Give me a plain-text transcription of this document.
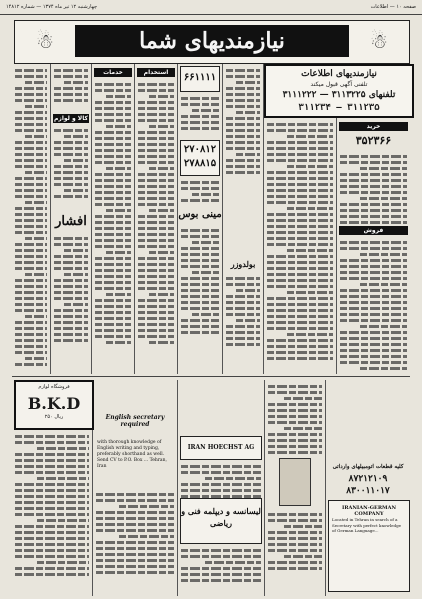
چهارشنبه ۱۲ تیر ماه ۱۳۷۴ — شماره ۱۴۸۱۲	صفحه ۱۰ — اطلاعات
☃	نیازمندیهای شما	☃
کالا و لوازم
افشار
خدمات	استخدام	۶۶۱۱۱۱
۲۷۰۸۱۲
۲۷۸۸۱۵
مینی بوس
بولدوزر
نیازمندیهای اطلاعات
تلفنی آگهی قبول میکند
تلفنهای ۳۱۱۳۲۲۵ — ۳۱۱۱۲۲۲
۳۱۱۲۳۴ — ۳۱۱۲۳۵
خرید
۳۵۲۳۶۶
فروش
فروشگاه لوازم
B.K.D
۲۵۰ ریال	English secretary required
with thorough knowledge of English writing and typing, preferably shorthand as well. Send CV to P.O. Box ... Tehran, Iran
IRAN HOECHST AG
لیسانسه و دیپلمه فنی و ریاضی
کلیه قطعات اتومبیلهای وارداتی
۸۷۲۱۲۱۰۹
۸۳۰۰۱۱۰۱۷
IRANIAN-GERMAN COMPANY
Located in Tehran in search of a Secretary with perfect knowledge of German Language...
